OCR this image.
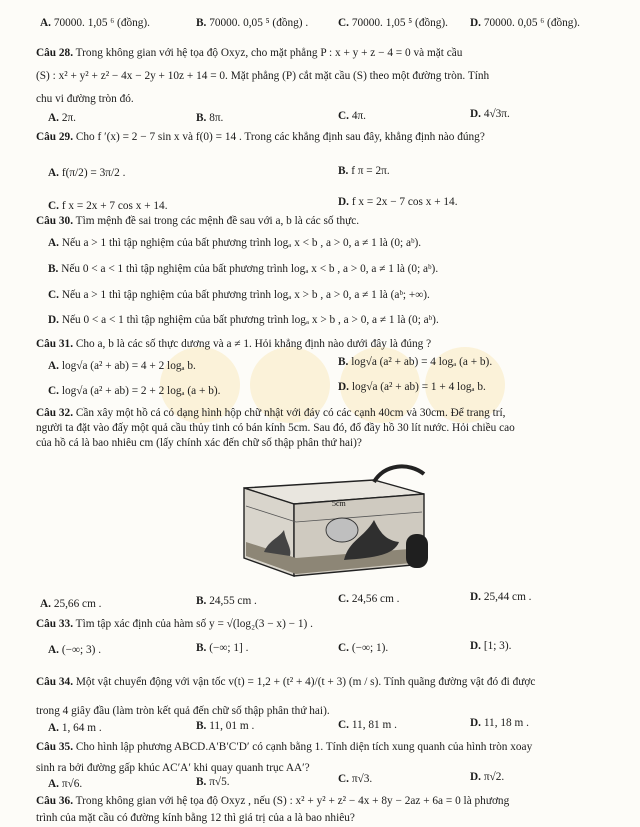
A. 70000. 1,05 ⁶ (đồng).	B. 70000. 0,05 ⁵ (đồng) .	C. 70000. 1,05 ⁵ (đồng). D. 70000. 0,05 ⁶ (đồng).
Câu 28. Trong không gian với hệ tọa độ Oxyz, cho mặt phẳng P : x + y + z − 4 = 0 và mặt cầu
(S) : x² + y² + z² − 4x − 2y + 10z + 14 = 0. Mặt phẳng (P) cắt mặt cầu (S) theo một đường tròn. Tính
chu vi đường tròn đó.
A. 2π.	B. 8π.	C. 4π.	D. 4√3π.
Câu 29. Cho f ′(x) = 2 − 7 sin x và f(0) = 14 . Trong các khẳng định sau đây, khẳng định nào đúng?
A. f(π/2) = 3π/2 .	B. f π = 2π.
C. f x = 2x + 7 cos x + 14.	D. f x = 2x − 7 cos x + 14.
Câu 30. Tìm mệnh đề sai trong các mệnh đề sau với a, b là các số thực.
A. Nếu a > 1 thì tập nghiệm của bất phương trình logₐ x < b , a > 0, a ≠ 1 là (0; aᵇ).
B. Nếu 0 < a < 1 thì tập nghiệm của bất phương trình logₐ x < b , a > 0, a ≠ 1 là (0; aᵇ).
C. Nếu a > 1 thì tập nghiệm của bất phương trình logₐ x > b , a > 0, a ≠ 1 là (aᵇ; +∞).
D. Nếu 0 < a < 1 thì tập nghiệm của bất phương trình logₐ x > b , a > 0, a ≠ 1 là (0; aᵇ).
Câu 31. Cho a, b là các số thực dương và a ≠ 1. Hỏi khẳng định nào dưới đây là đúng ?
A. log√a (a² + ab) = 4 + 2 logₐ b.	B. log√a (a² + ab) = 4 logₐ (a + b).
C. log√a (a² + ab) = 2 + 2 logₐ (a + b).	D. log√a (a² + ab) = 1 + 4 logₐ b.
Câu 32. Cần xây một hồ cá có dạng hình hộp chữ nhật với đáy có các cạnh 40cm và 30cm. Để trang trí,
người ta đặt vào đấy một quả cầu thủy tinh có bán kính 5cm. Sau đó, đổ đầy hồ 30 lít nước. Hỏi chiều cao
của hồ cá là bao nhiêu cm (lấy chính xác đến chữ số thập phân thứ hai)?
5cm
A. 25,66 cm .	B. 24,55 cm .	C. 24,56 cm .	D. 25,44 cm .
Câu 33. Tìm tập xác định của hàm số y = √(log₂(3 − x) − 1) .
A. (−∞; 3) .	B. (−∞; 1] .	C. (−∞; 1).	D. [1; 3).
Câu 34. Một vật chuyển động với vận tốc v(t) = 1,2 + (t² + 4)/(t + 3) (m / s). Tính quãng đường vật đó đi được
trong 4 giây đầu (làm tròn kết quả đến chữ số thập phân thứ hai).
A. 1, 64 m .	B. 11, 01 m .	C. 11, 81 m .	D. 11, 18 m .
Câu 35. Cho hình lập phương ABCD.A′B′C′D′ có cạnh bằng 1. Tính diện tích xung quanh của hình tròn xoay
sinh ra bởi đường gấp khúc AC′A′ khi quay quanh trục AA′?
A. π√6.	B. π√5.	C. π√3.	D. π√2.
Câu 36. Trong không gian với hệ tọa độ Oxyz , nếu (S) : x² + y² + z² − 4x + 8y − 2az + 6a = 0 là phương
trình của mặt cầu có đường kính bằng 12 thì giá trị của a là bao nhiêu?
